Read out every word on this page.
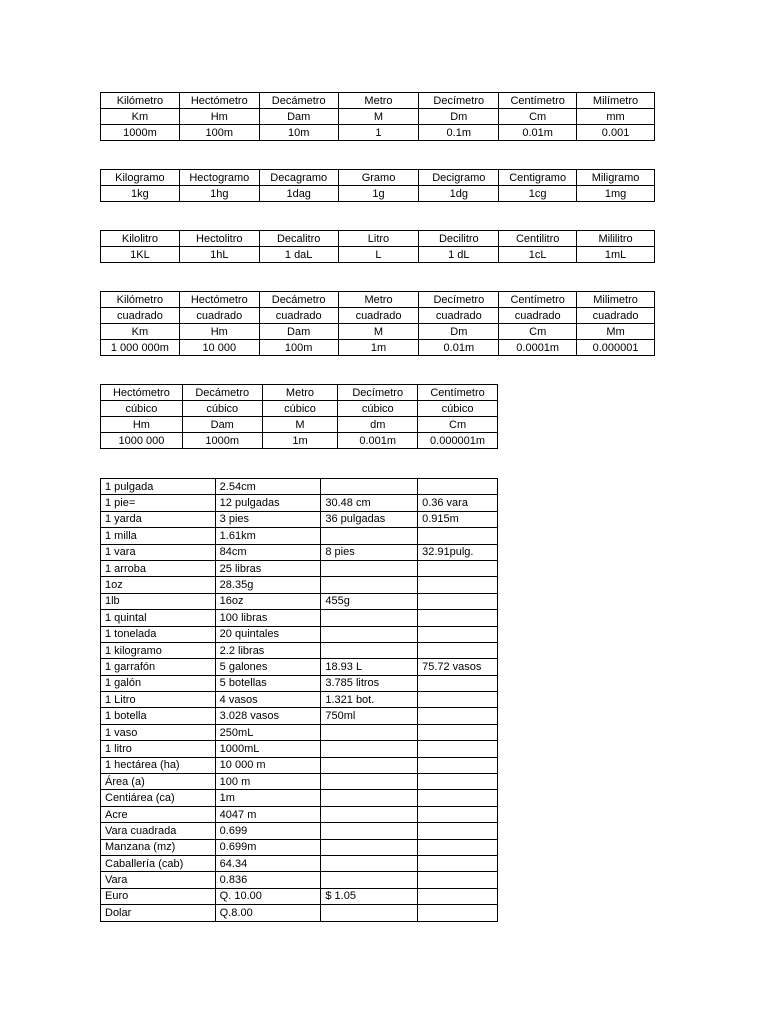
Kilómetro	Hectómetro	Decámetro	Metro	Decímetro	Centímetro	Milímetro
Km	Hm	Dam	M	Dm	Cm	mm
1000m	100m	10m	1	0.1m	0.01m	0.001
Kilogramo	Hectogramo	Decagramo	Gramo	Decigramo	Centigramo	Miligramo
1kg	1hg	1dag	1g	1dg	1cg	1mg
Kilolitro	Hectolitro	Decalitro	Litro	Decilitro	Centilitro	Mililitro
1KL	1hL	1 daL	L	1 dL	1cL	1mL
Kilómetro	Hectómetro	Decámetro	Metro	Decímetro	Centímetro	Milimetro
cuadrado	cuadrado	cuadrado	cuadrado	cuadrado	cuadrado	cuadrado
Km	Hm	Dam	M	Dm	Cm	Mm
1 000 000m	10 000	100m	1m	0.01m	0.0001m	0.000001
Hectómetro	Decámetro	Metro	Decímetro	Centímetro
cúbico	cúbico	cúbico	cúbico	cúbico
Hm	Dam	M	dm	Cm
1000 000	1000m	1m	0.001m	0.000001m
1 pulgada	2.54cm		
1 pie=	12 pulgadas	30.48 cm	0.36 vara
1 yarda	3 pies	36 pulgadas	0.915m
1 milla	1.61km		
1 vara	84cm	8 pies	32.91pulg.
1 arroba	25 libras		
1oz	28.35g		
1lb	16oz	455g	
1 quintal	100 libras		
1 tonelada	20 quintales		
1 kilogramo	2.2 libras		
1 garrafón	5 galones	18.93 L	75.72 vasos
1 galón	5 botellas	3.785 litros	
1 Litro	4 vasos	1.321 bot.	
1 botella	3.028 vasos	750ml	
1 vaso	250mL		
1 litro	1000mL		
1 hectárea (ha)	10 000 m		
Área (a)	100 m		
Centiárea (ca)	1m		
Acre	4047 m		
Vara cuadrada	0.699		
Manzana (mz)	0.699m		
Caballería (cab)	64.34		
Vara	0.836		
Euro	Q. 10.00	$ 1.05	
Dolar	Q.8.00		
